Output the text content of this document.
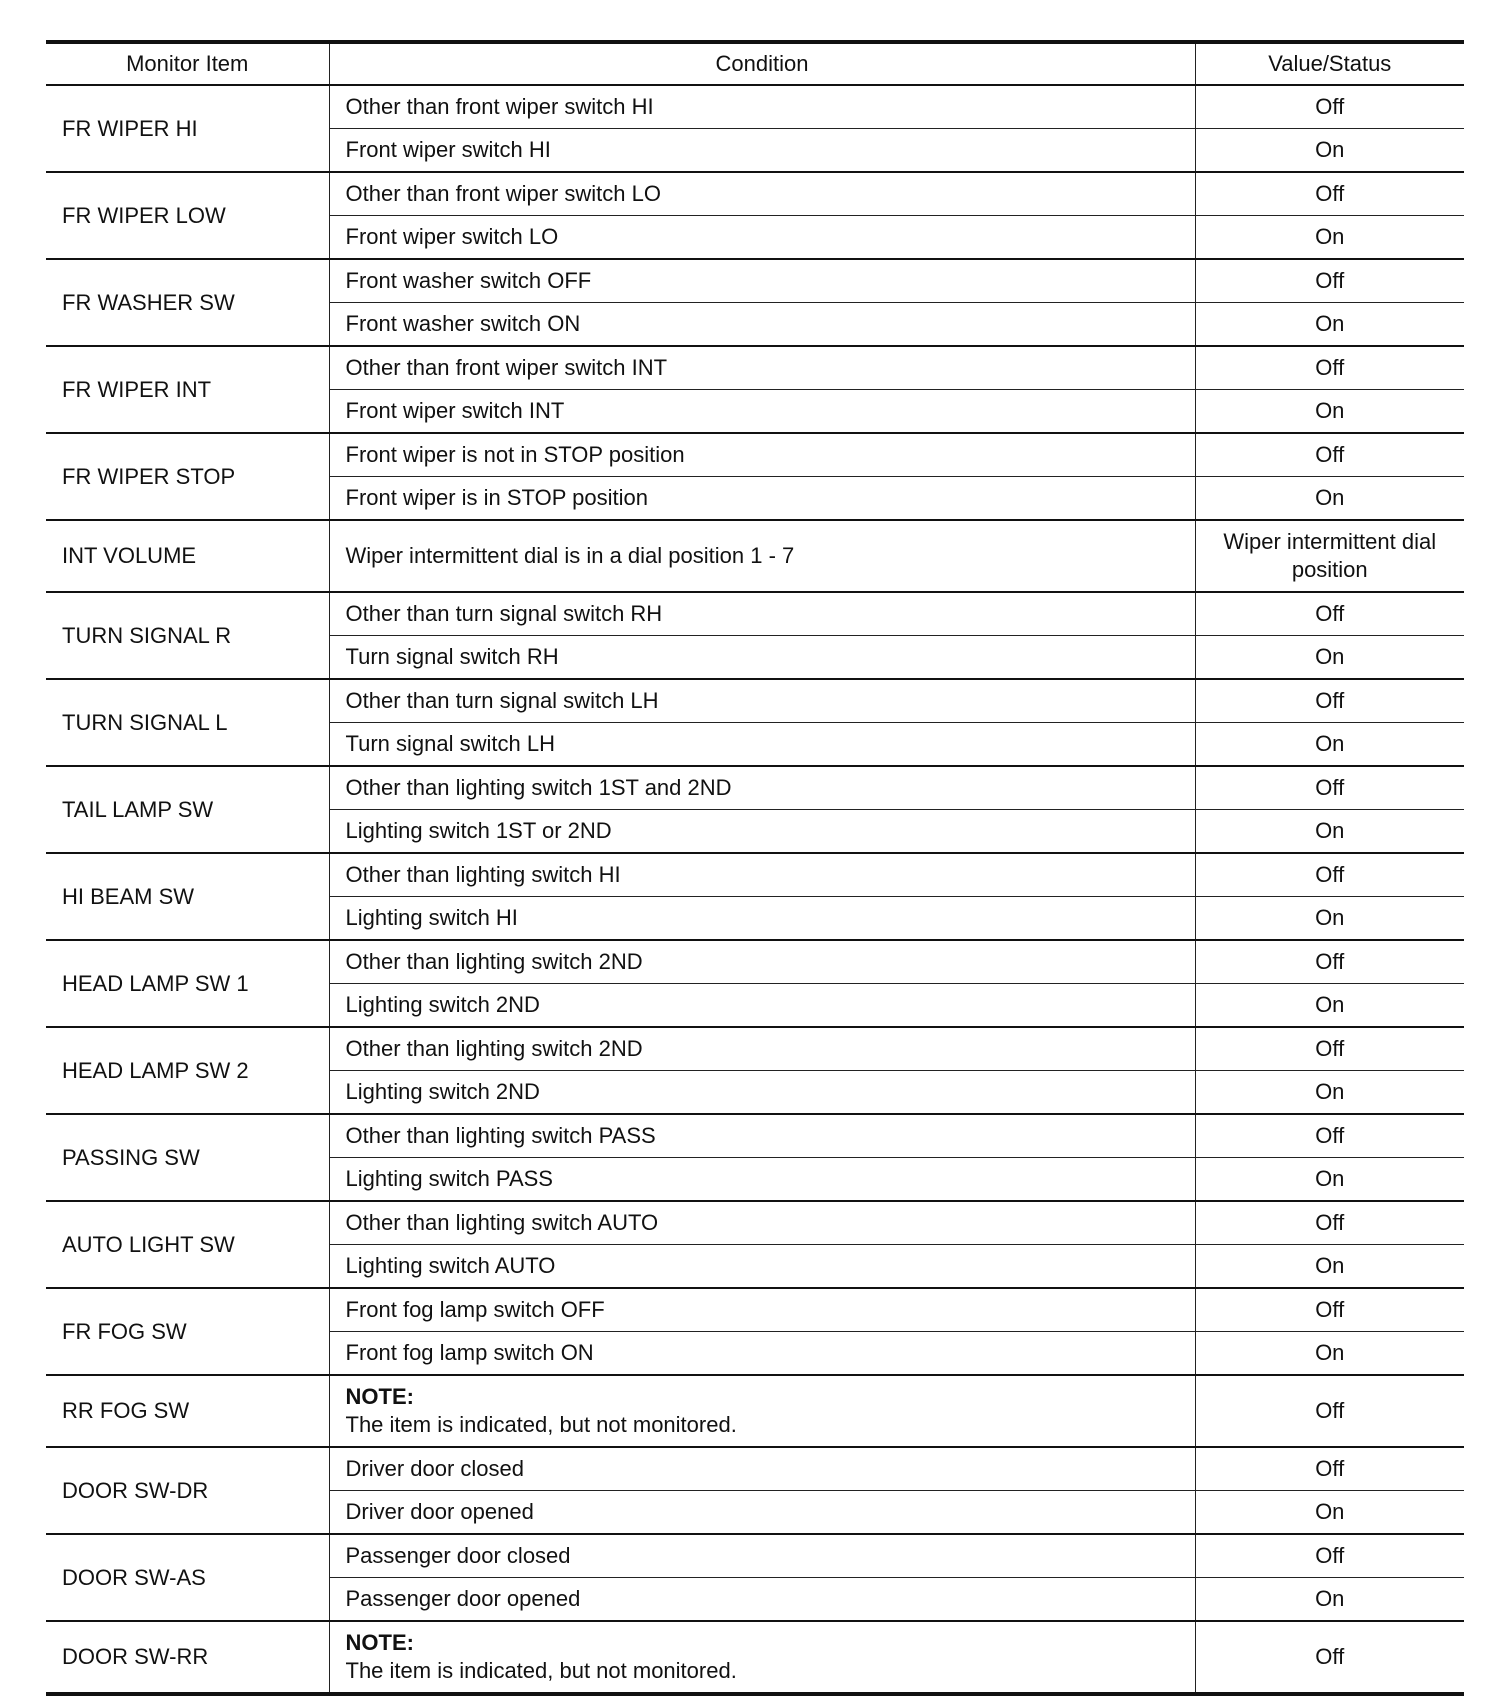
Monitor Item	Condition	Value/Status
FR WIPER HI	Other than front wiper switch HI	Off
	Front wiper switch HI	On
FR WIPER LOW	Other than front wiper switch LO	Off
	Front wiper switch LO	On
FR WASHER SW	Front washer switch OFF	Off
	Front washer switch ON	On
FR WIPER INT	Other than front wiper switch INT	Off
	Front wiper switch INT	On
FR WIPER STOP	Front wiper is not in STOP position	Off
	Front wiper is in STOP position	On
INT VOLUME	Wiper intermittent dial is in a dial position 1 - 7	Wiper intermittent dial position
TURN SIGNAL R	Other than turn signal switch RH	Off
	Turn signal switch RH	On
TURN SIGNAL L	Other than turn signal switch LH	Off
	Turn signal switch LH	On
TAIL LAMP SW	Other than lighting switch 1ST and 2ND	Off
	Lighting switch 1ST or 2ND	On
HI BEAM SW	Other than lighting switch HI	Off
	Lighting switch HI	On
HEAD LAMP SW 1	Other than lighting switch 2ND	Off
	Lighting switch 2ND	On
HEAD LAMP SW 2	Other than lighting switch 2ND	Off
	Lighting switch 2ND	On
PASSING SW	Other than lighting switch PASS	Off
	Lighting switch PASS	On
AUTO LIGHT SW	Other than lighting switch AUTO	Off
	Lighting switch AUTO	On
FR FOG SW	Front fog lamp switch OFF	Off
	Front fog lamp switch ON	On
RR FOG SW	NOTE:
The item is indicated, but not monitored.	Off
DOOR SW-DR	Driver door closed	Off
	Driver door opened	On
DOOR SW-AS	Passenger door closed	Off
	Passenger door opened	On
DOOR SW-RR	NOTE:
The item is indicated, but not monitored.	Off
